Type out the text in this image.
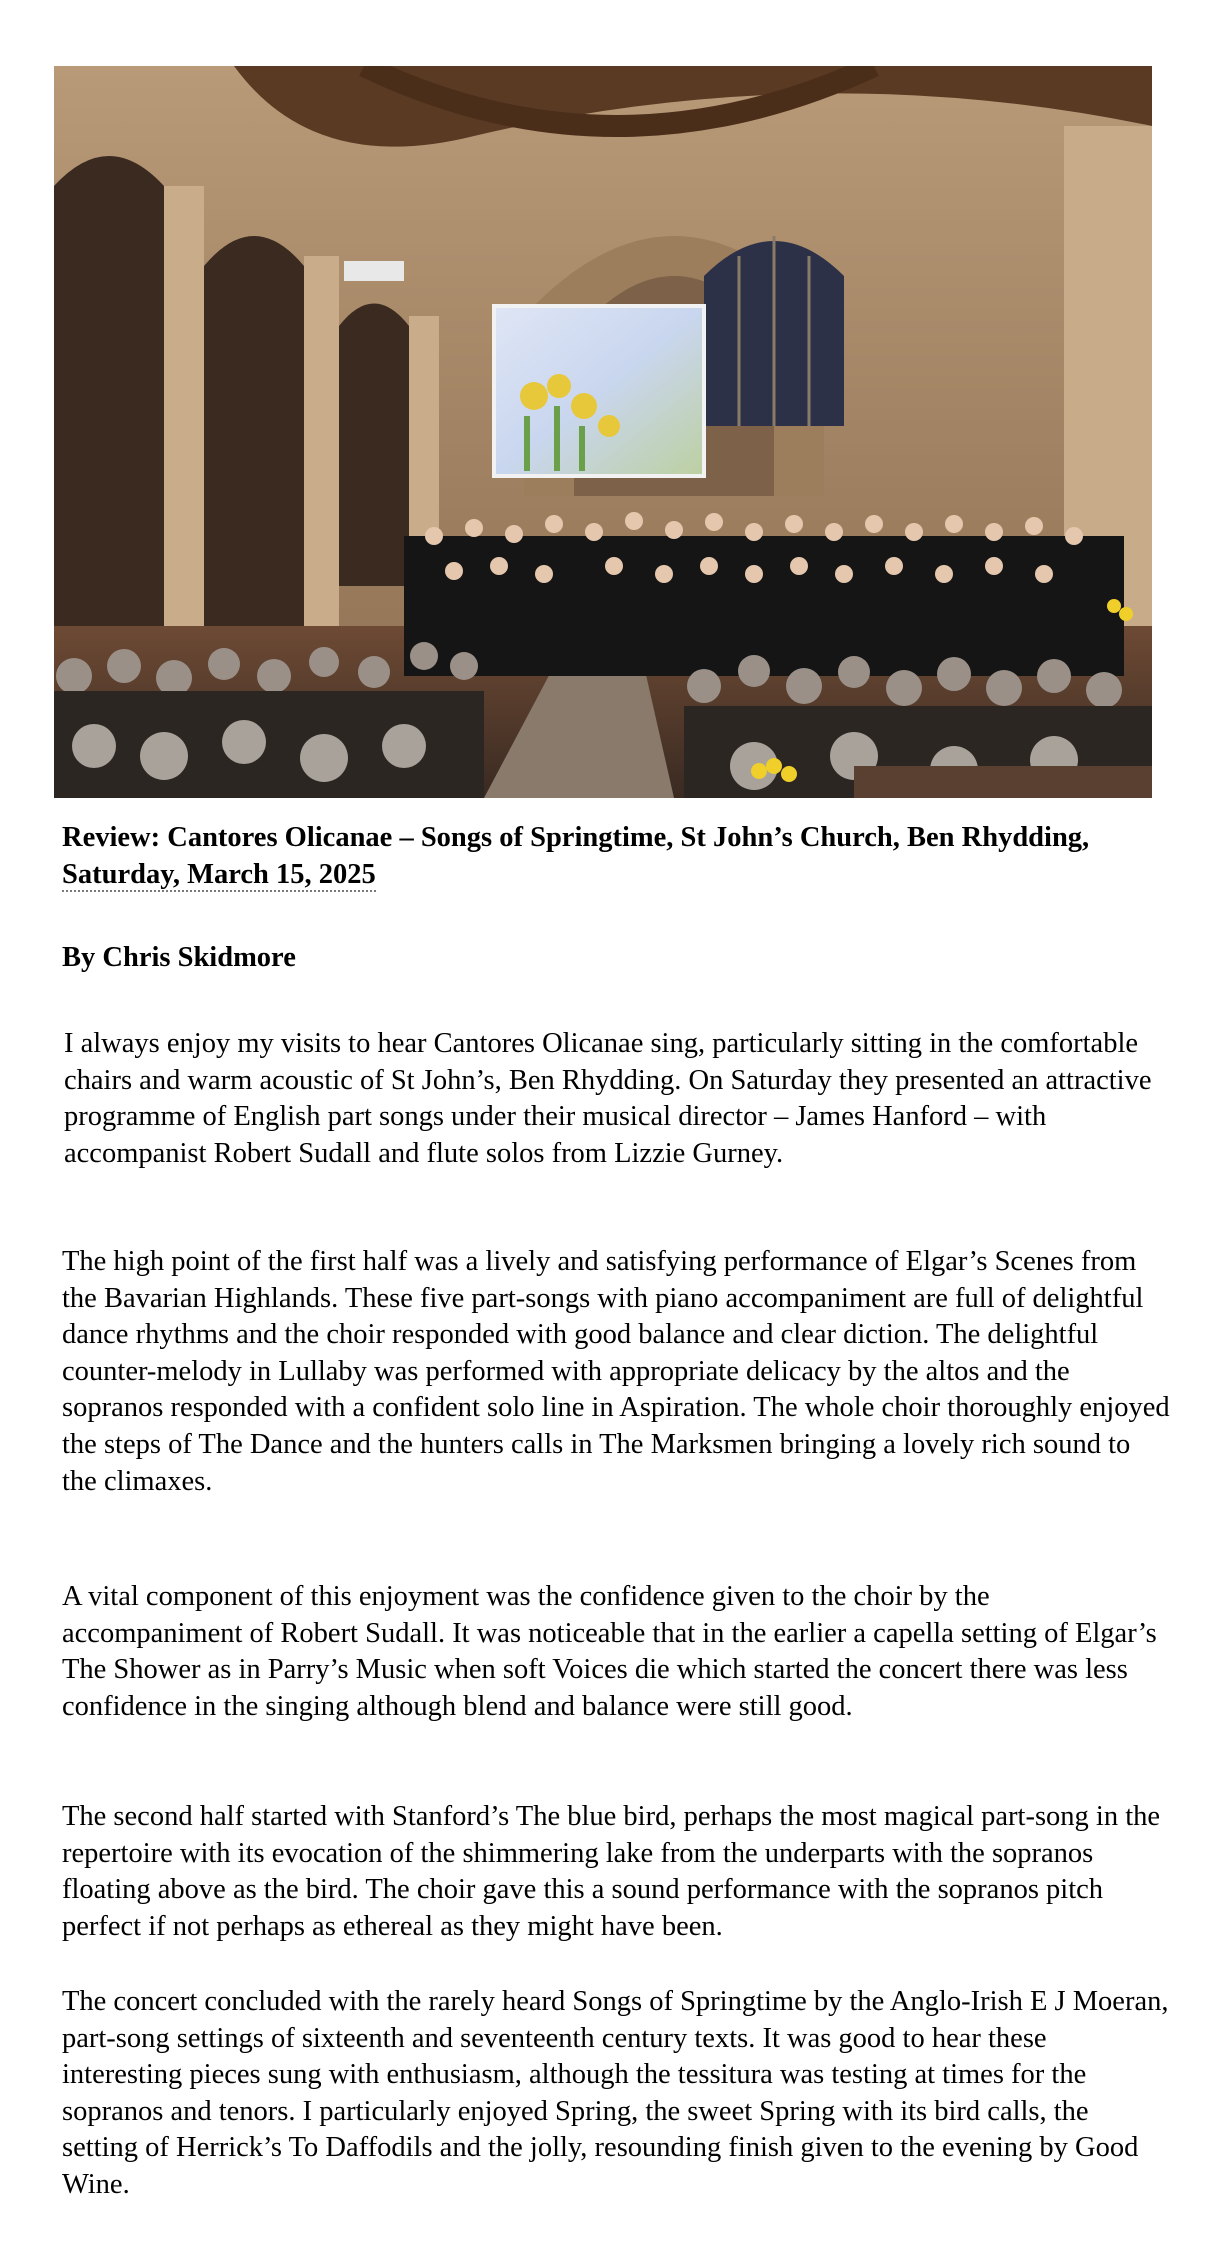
Review: Cantores Olicanae – Songs of Springtime, St John’s Church, Ben Rhydding, Saturday, March 15, 2025
By Chris Skidmore
I always enjoy my visits to hear Cantores Olicanae sing, particularly sitting in the comfortable chairs and warm acoustic of St John’s, Ben Rhydding. On Saturday they presented an attractive programme of English part songs under their musical director – James Hanford – with accompanist Robert Sudall and flute solos from Lizzie Gurney.
The high point of the first half was a lively and satisfying performance of Elgar’s Scenes from the Bavarian Highlands. These five part-songs with piano accompaniment are full of delightful dance rhythms and the choir responded with good balance and clear diction. The delightful counter-melody in Lullaby was performed with appropriate delicacy by the altos and the sopranos responded with a confident solo line in Aspiration. The whole choir thoroughly enjoyed the steps of The Dance and the hunters calls in The Marksmen bringing a lovely rich sound to the climaxes.
A vital component of this enjoyment was the confidence given to the choir by the accompaniment of Robert Sudall. It was noticeable that in the earlier a capella setting of Elgar’s The Shower as in Parry’s Music when soft Voices die which started the concert there was less confidence in the singing although blend and balance were still good.
The second half started with Stanford’s The blue bird, perhaps the most magical part-song in the repertoire with its evocation of the shimmering lake from the underparts with the sopranos floating above as the bird. The choir gave this a sound performance with the sopranos pitch perfect if not perhaps as ethereal as they might have been.
The concert concluded with the rarely heard Songs of Springtime by the Anglo-Irish E J Moeran, part-song settings of sixteenth and seventeenth century texts. It was good to hear these interesting pieces sung with enthusiasm, although the tessitura was testing at times for the sopranos and tenors. I particularly enjoyed Spring, the sweet Spring with its bird calls, the setting of Herrick’s To Daffodils and the jolly, resounding finish given to the evening by Good Wine.
